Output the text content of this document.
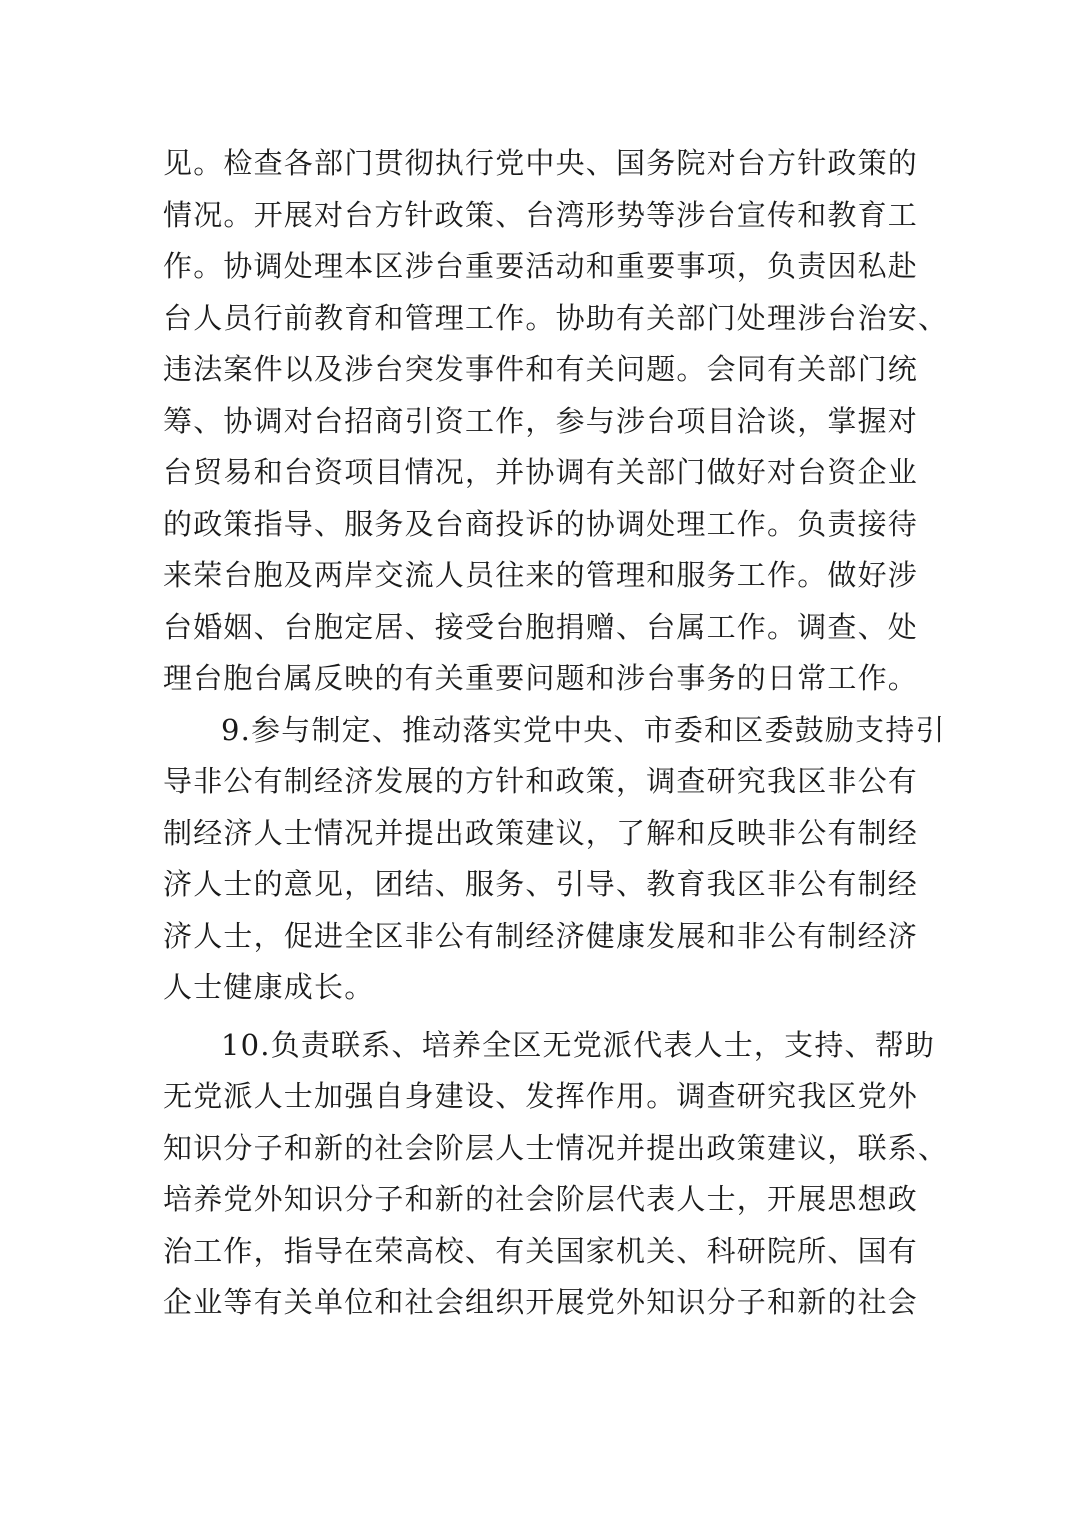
见。检查各部门贯彻执行党中央、国务院对台方针政策的
情况。开展对台方针政策、台湾形势等涉台宣传和教育工
作。协调处理本区涉台重要活动和重要事项，负责因私赴
台人员行前教育和管理工作。协助有关部门处理涉台治安、
违法案件以及涉台突发事件和有关问题。会同有关部门统
筹、协调对台招商引资工作，参与涉台项目洽谈，掌握对
台贸易和台资项目情况，并协调有关部门做好对台资企业
的政策指导、服务及台商投诉的协调处理工作。负责接待
来荣台胞及两岸交流人员往来的管理和服务工作。做好涉
台婚姻、台胞定居、接受台胞捐赠、台属工作。调查、处
理台胞台属反映的有关重要问题和涉台事务的日常工作。
9.参与制定、推动落实党中央、市委和区委鼓励支持引
导非公有制经济发展的方针和政策，调查研究我区非公有
制经济人士情况并提出政策建议，了解和反映非公有制经
济人士的意见，团结、服务、引导、教育我区非公有制经
济人士，促进全区非公有制经济健康发展和非公有制经济
人士健康成长。
10.负责联系、培养全区无党派代表人士，支持、帮助
无党派人士加强自身建设、发挥作用。调查研究我区党外
知识分子和新的社会阶层人士情况并提出政策建议，联系、
培养党外知识分子和新的社会阶层代表人士，开展思想政
治工作，指导在荣高校、有关国家机关、科研院所、国有
企业等有关单位和社会组织开展党外知识分子和新的社会
